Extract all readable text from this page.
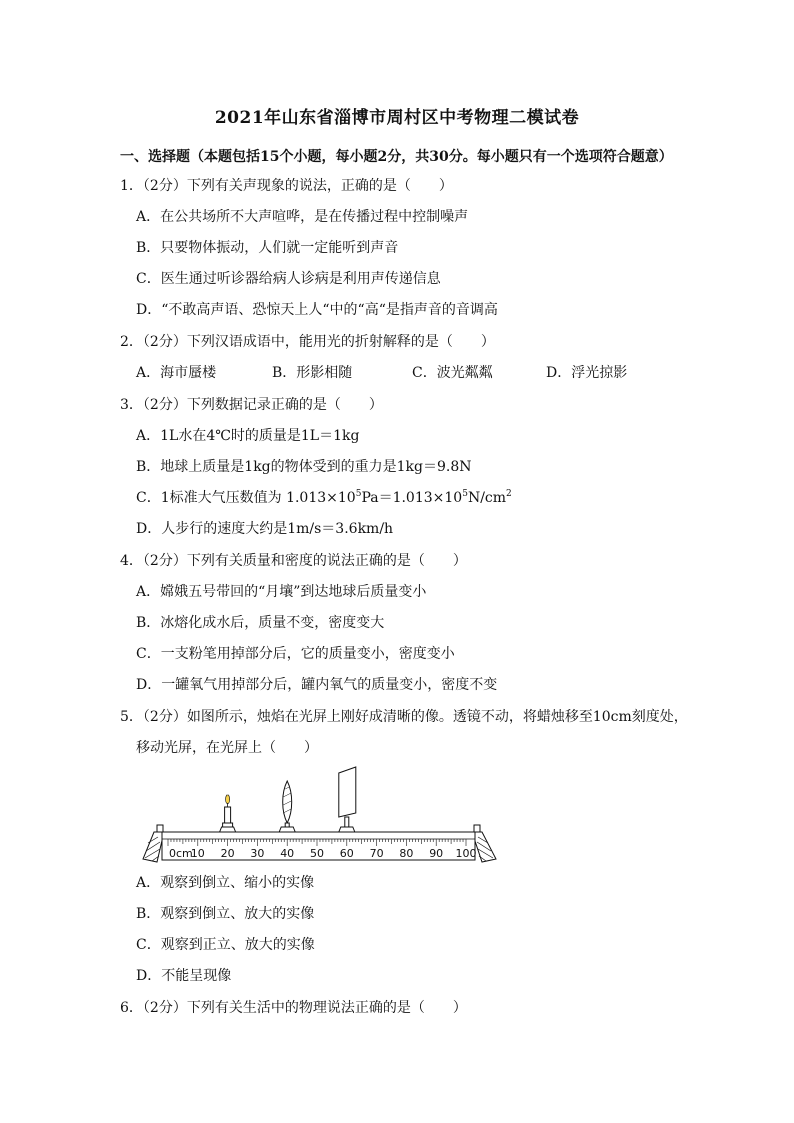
2021年山东省淄博市周村区中考物理二模试卷
一、选择题（本题包括15个小题，每小题2分，共30分。每小题只有一个选项符合题意）
1．（2分）下列有关声现象的说法，正确的是（　　）
A．在公共场所不大声喧哗，是在传播过程中控制噪声
B．只要物体振动，人们就一定能听到声音
C．医生通过听诊器给病人诊病是利用声传递信息
D．“不敢高声语、恐惊天上人“中的“高“是指声音的音调高
2．（2分）下列汉语成语中，能用光的折射解释的是（　　）
A．海市蜃楼	B．形影相随	C．波光粼粼	D．浮光掠影
3．（2分）下列数据记录正确的是（　　）
A．1L水在4℃时的质量是1L＝1kg
B．地球上质量是1kg的物体受到的重力是1kg＝9.8N
C．1标准大气压数值为 $1.013\times 10^5Pa=1.013\times 10^5N/cm^2$
D．人步行的速度大约是1m/s＝3.6km/h
4．（2分）下列有关质量和密度的说法正确的是（　　）
A．嫦娥五号带回的“月壤”到达地球后质量变小
B．冰熔化成水后，质量不变，密度变大
C．一支粉笔用掉部分后，它的质量变小，密度变小
D．一罐氧气用掉部分后，罐内氧气的质量变小，密度不变
5．（2分）如图所示，烛焰在光屏上刚好成清晰的像。透镜不动，将蜡烛移至10cm刻度处，
移动光屏，在光屏上（　　）
0cm
10 20 30 40 50 60 70 80 90 100
A．观察到倒立、缩小的实像
B．观察到倒立、放大的实像
C．观察到正立、放大的实像
D．不能呈现像
6．（2分）下列有关生活中的物理说法正确的是（　　）
